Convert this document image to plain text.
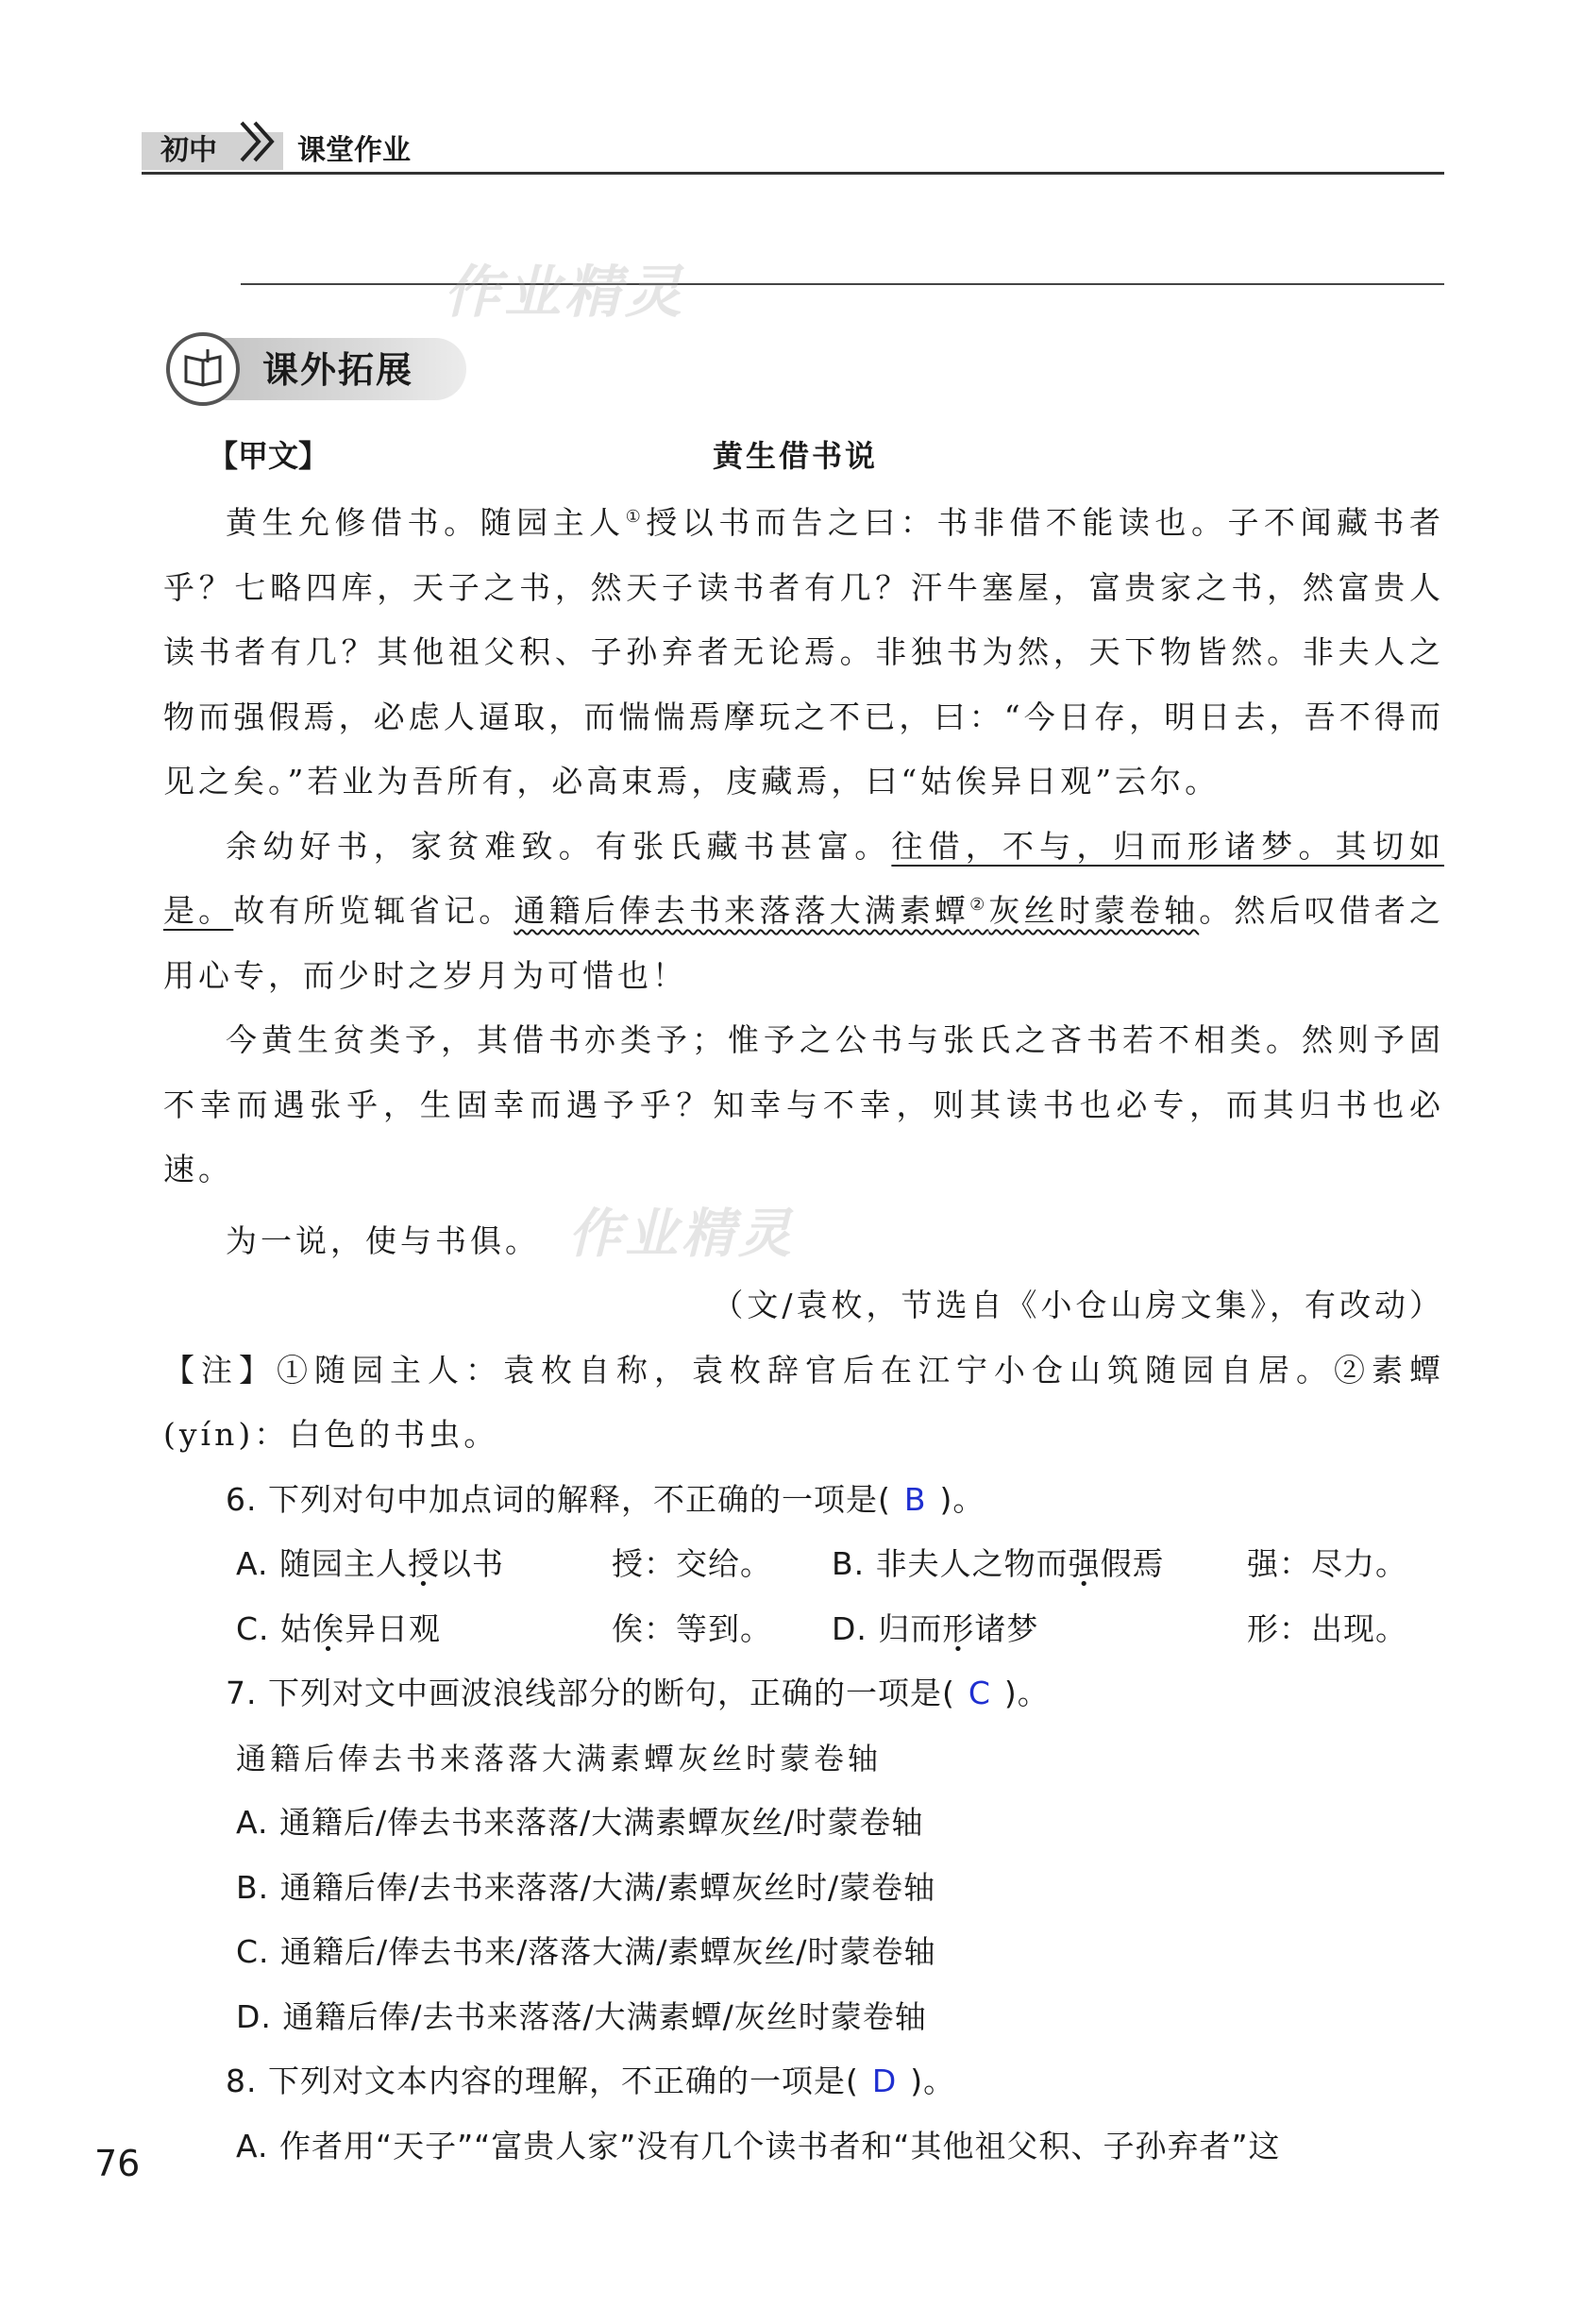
初中	课堂作业
作业精灵
课外拓展
【甲文】	黄生借书说

黄生允修借书。随园主人①授以书而告之曰：书非借不能读也。子不闻藏书者乎？七略四库，天子之书，然天子读书者有几？汗牛塞屋，富贵家之书，然富贵人读书者有几？其他祖父积、子孙弃者无论焉。非独书为然，天下物皆然。非夫人之物而强假焉，必虑人逼取，而惴惴焉摩玩之不已，曰：“今日存，明日去，吾不得而见之矣。”若业为吾所有，必高束焉，庋藏焉，曰“姑俟异日观”云尔。

余幼好书，家贫难致。有张氏藏书甚富。往借，不与，归而形诸梦。其切如是。故有所览辄省记。通籍后俸去书来落落大满素蟫②灰丝时蒙卷轴。然后叹借者之用心专，而少时之岁月为可惜也！

今黄生贫类予，其借书亦类予；惟予之公书与张氏之吝书若不相类。然则予固不幸而遇张乎，生固幸而遇予乎？知幸与不幸，则其读书也必专，而其归书也必速。

为一说，使与书俱。 作业精灵

（文/袁枚，节选自《小仓山房文集》，有改动）

【注】①随园主人：袁枚自称，袁枚辞官后在江宁小仓山筑随园自居。②素蟫(yín)：白色的书虫。

6. 下列对句中加点词的解释，不正确的一项是( B )。

A. 随园主人授以书	授：交给。	B. 非夫人之物而强假焉	强：尽力。
C. 姑俟异日观	俟：等到。	D. 归而形诸梦	形：出现。

7. 下列对文中画波浪线部分的断句，正确的一项是( C )。

通籍后俸去书来落落大满素蟫灰丝时蒙卷轴

A. 通籍后/俸去书来落落/大满素蟫灰丝/时蒙卷轴

B. 通籍后俸/去书来落落/大满/素蟫灰丝时/蒙卷轴

C. 通籍后/俸去书来/落落大满/素蟫灰丝/时蒙卷轴

D. 通籍后俸/去书来落落/大满素蟫/灰丝时蒙卷轴

8. 下列对文本内容的理解，不正确的一项是( D )。

A. 作者用“天子”“富贵人家”没有几个读书者和“其他祖父积、子孙弃者”这

76
